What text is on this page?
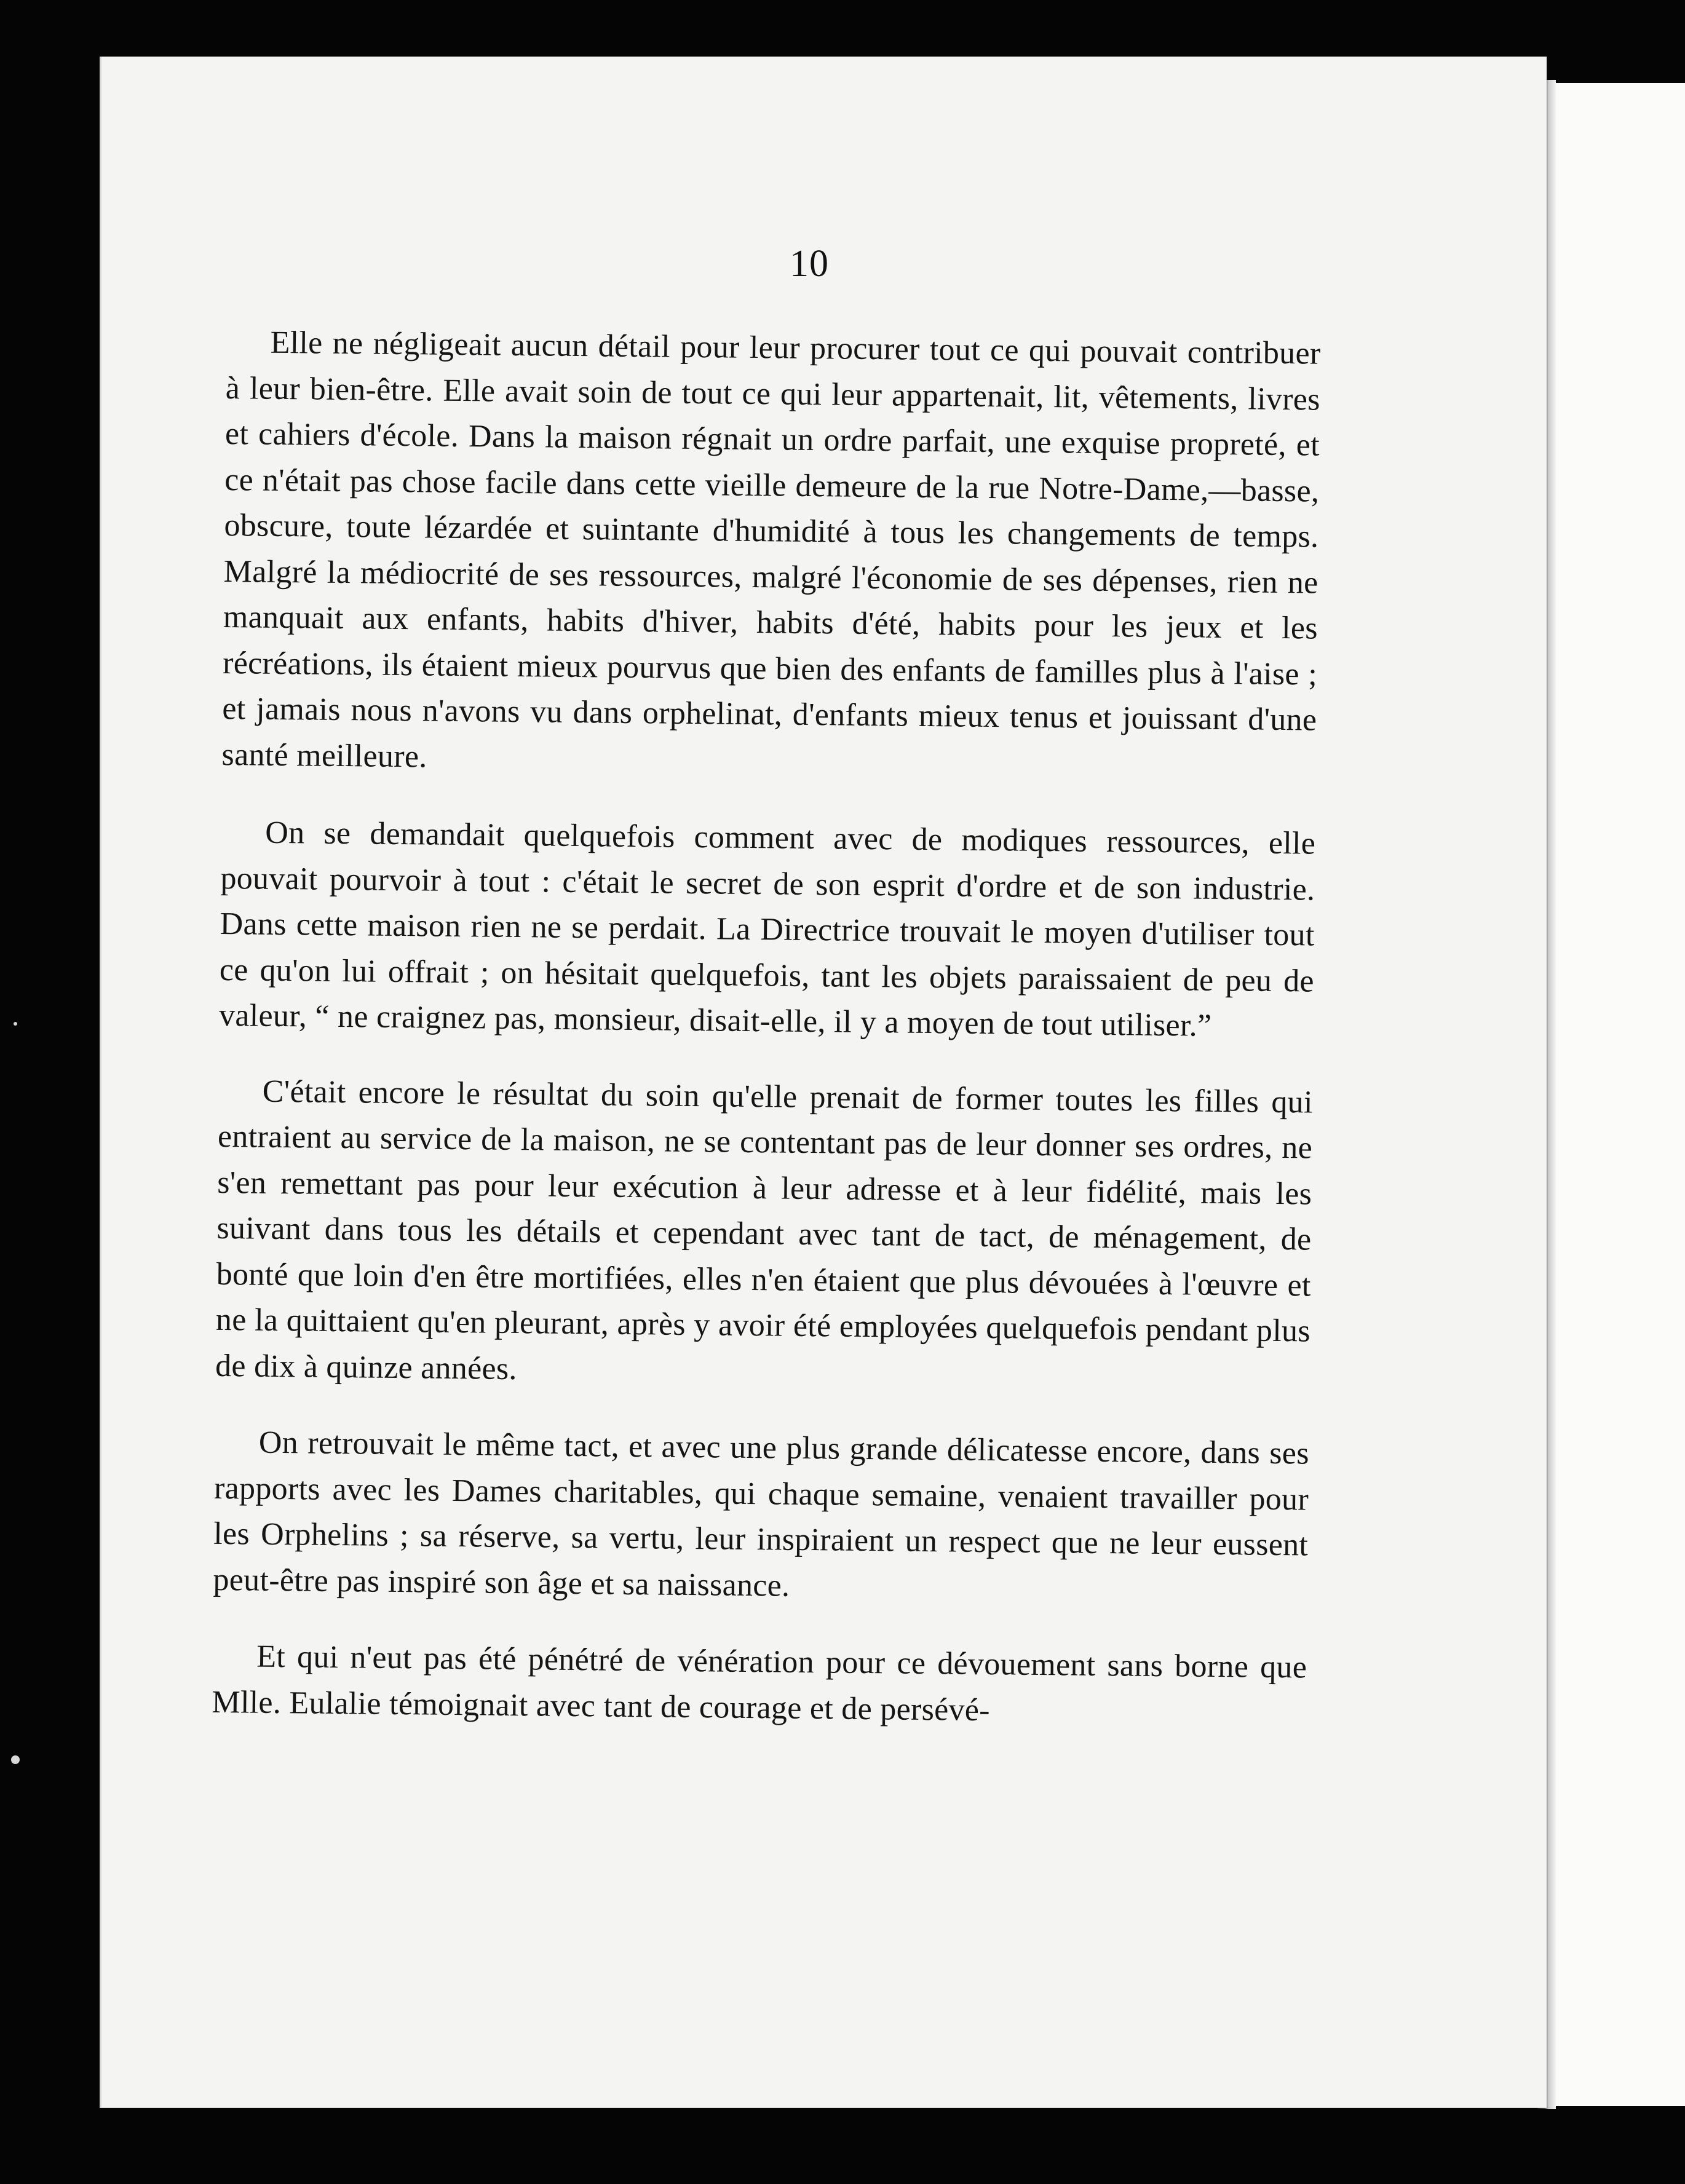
10

Elle ne négligeait aucun détail pour leur procurer tout ce qui pouvait contribuer à leur bien-être. Elle avait soin de tout ce qui leur appartenait, lit, vêtements, livres et cahiers d'école. Dans la maison régnait un ordre parfait, une exquise propreté, et ce n'était pas chose facile dans cette vieille demeure de la rue Notre-Dame,—basse, obscure, toute lézardée et suintante d'humidité à tous les changements de temps. Malgré la médiocrité de ses ressources, malgré l'économie de ses dépenses, rien ne manquait aux enfants, habits d'hiver, habits d'été, habits pour les jeux et les récréations, ils étaient mieux pourvus que bien des enfants de familles plus à l'aise ; et jamais nous n'avons vu dans orphelinat, d'enfants mieux tenus et jouissant d'une santé meilleure.

On se demandait quelquefois comment avec de modiques ressources, elle pouvait pourvoir à tout : c'était le secret de son esprit d'ordre et de son industrie. Dans cette maison rien ne se perdait. La Directrice trouvait le moyen d'utiliser tout ce qu'on lui offrait ; on hésitait quelquefois, tant les objets paraissaient de peu de valeur, “ ne craignez pas, monsieur, disait-elle, il y a moyen de tout utiliser.”

C'était encore le résultat du soin qu'elle prenait de former toutes les filles qui entraient au service de la maison, ne se contentant pas de leur donner ses ordres, ne s'en remettant pas pour leur exécution à leur adresse et à leur fidélité, mais les suivant dans tous les détails et cependant avec tant de tact, de ménagement, de bonté que loin d'en être mortifiées, elles n'en étaient que plus dévouées à l'œuvre et ne la quittaient qu'en pleurant, après y avoir été employées quelquefois pendant plus de dix à quinze années.

On retrouvait le même tact, et avec une plus grande délicatesse encore, dans ses rapports avec les Dames charitables, qui chaque semaine, venaient travailler pour les Orphelins ; sa réserve, sa vertu, leur inspiraient un respect que ne leur eussent peut-être pas inspiré son âge et sa naissance.

Et qui n'eut pas été pénétré de vénération pour ce dévouement sans borne que Mlle. Eulalie témoignait avec tant de courage et de persévé-
